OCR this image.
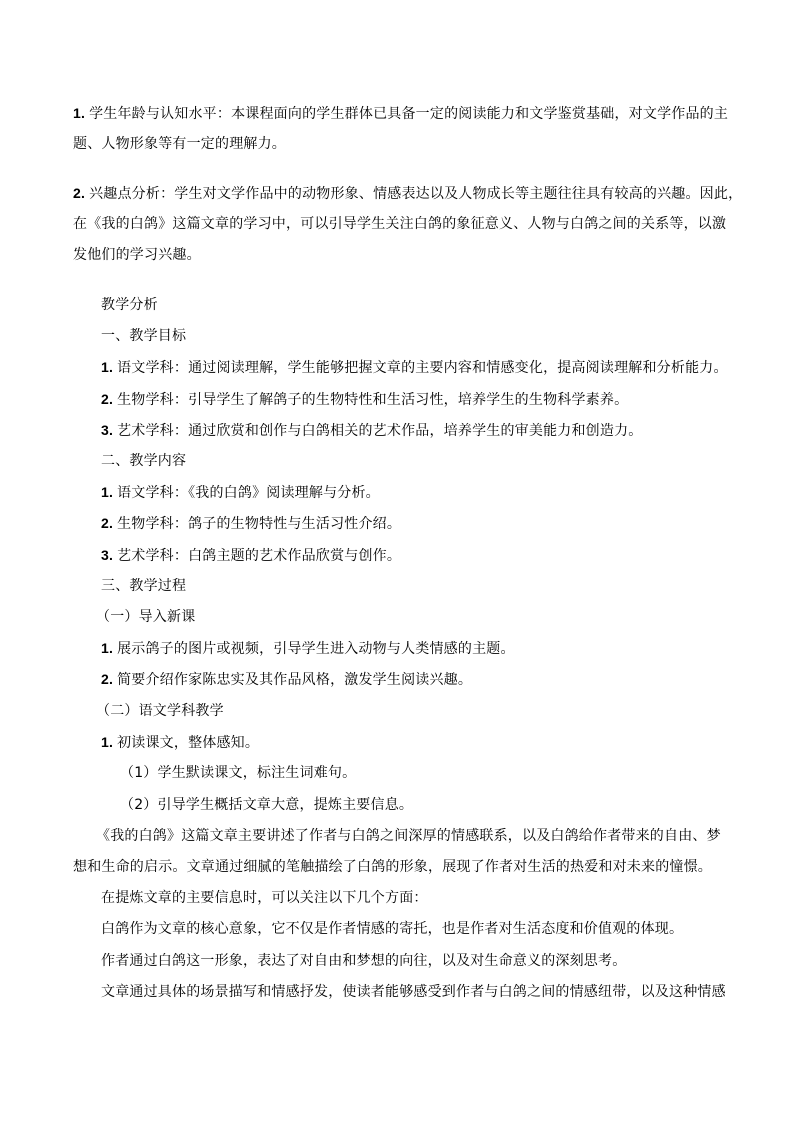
1. 学生年龄与认知水平：本课程面向的学生群体已具备一定的阅读能力和文学鉴赏基础，对文学作品的主
题、人物形象等有一定的理解力。
2. 兴趣点分析：学生对文学作品中的动物形象、情感表达以及人物成长等主题往往具有较高的兴趣。因此，
在《我的白鸽》这篇文章的学习中，可以引导学生关注白鸽的象征意义、人物与白鸽之间的关系等，以激
发他们的学习兴趣。
教学分析
一、教学目标
1. 语文学科：通过阅读理解，学生能够把握文章的主要内容和情感变化，提高阅读理解和分析能力。
2. 生物学科：引导学生了解鸽子的生物特性和生活习性，培养学生的生物科学素养。
3. 艺术学科：通过欣赏和创作与白鸽相关的艺术作品，培养学生的审美能力和创造力。
二、教学内容
1. 语文学科：《我的白鸽》阅读理解与分析。
2. 生物学科：鸽子的生物特性与生活习性介绍。
3. 艺术学科：白鸽主题的艺术作品欣赏与创作。
三、教学过程
（一）导入新课
1. 展示鸽子的图片或视频，引导学生进入动物与人类情感的主题。
2. 简要介绍作家陈忠实及其作品风格，激发学生阅读兴趣。
（二）语文学科教学
1. 初读课文，整体感知。
（1）学生默读课文，标注生词难句。
（2）引导学生概括文章大意，提炼主要信息。
《我的白鸽》这篇文章主要讲述了作者与白鸽之间深厚的情感联系，以及白鸽给作者带来的自由、梦
想和生命的启示。文章通过细腻的笔触描绘了白鸽的形象，展现了作者对生活的热爱和对未来的憧憬。
在提炼文章的主要信息时，可以关注以下几个方面：
白鸽作为文章的核心意象，它不仅是作者情感的寄托，也是作者对生活态度和价值观的体现。
作者通过白鸽这一形象，表达了对自由和梦想的向往，以及对生命意义的深刻思考。
文章通过具体的场景描写和情感抒发，使读者能够感受到作者与白鸽之间的情感纽带，以及这种情感
